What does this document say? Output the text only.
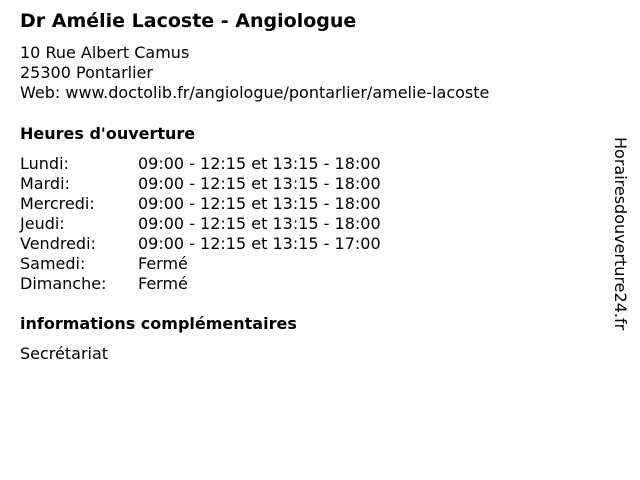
Dr Amélie Lacoste - Angiologue
10 Rue Albert Camus
25300 Pontarlier
Web: www.doctolib.fr/angiologue/pontarlier/amelie-lacoste
Heures d'ouverture
Lundi:	09:00 - 12:15 et 13:15 - 18:00
Mardi:	09:00 - 12:15 et 13:15 - 18:00
Mercredi:	09:00 - 12:15 et 13:15 - 18:00
Jeudi:	09:00 - 12:15 et 13:15 - 18:00
Vendredi:	09:00 - 12:15 et 13:15 - 17:00
Samedi:	Fermé
Dimanche:	Fermé
informations complémentaires
Secrétariat
Horairesdouverture24.fr
